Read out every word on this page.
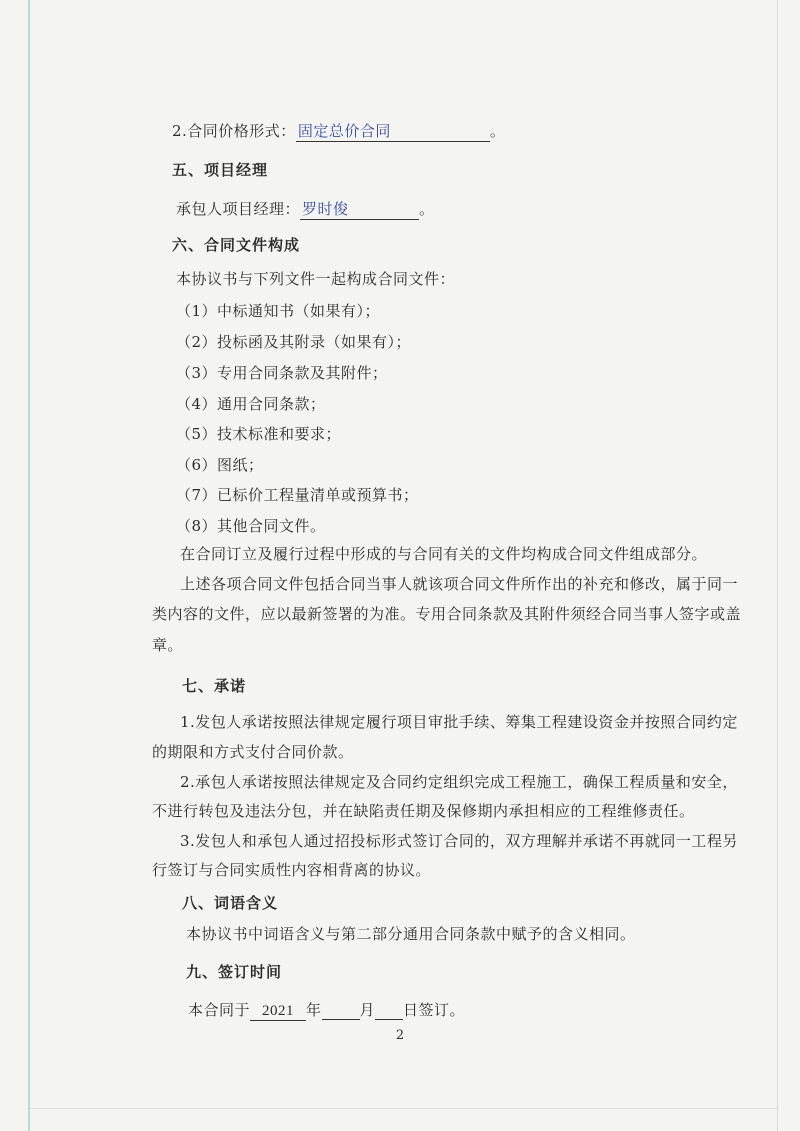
2.合同价格形式： 固定总价合同	。
五、项目经理
承包人项目经理： 罗时俊	。
六、合同文件构成
本协议书与下列文件一起构成合同文件：
（1）中标通知书（如果有）；
（2）投标函及其附录（如果有）；
（3）专用合同条款及其附件；
（4）通用合同条款；
（5）技术标准和要求；
（6）图纸；
（7）已标价工程量清单或预算书；
（8）其他合同文件。
在合同订立及履行过程中形成的与合同有关的文件均构成合同文件组成部分。
上述各项合同文件包括合同当事人就该项合同文件所作出的补充和修改，属于同一
类内容的文件，应以最新签署的为准。专用合同条款及其附件须经合同当事人签字或盖
章。
七、承诺
1.发包人承诺按照法律规定履行项目审批手续、筹集工程建设资金并按照合同约定
的期限和方式支付合同价款。
2.承包人承诺按照法律规定及合同约定组织完成工程施工，确保工程质量和安全，
不进行转包及违法分包，并在缺陷责任期及保修期内承担相应的工程维修责任。
3.发包人和承包人通过招投标形式签订合同的，双方理解并承诺不再就同一工程另
行签订与合同实质性内容相背离的协议。
八、词语含义
本协议书中词语含义与第二部分通用合同条款中赋予的含义相同。
九、签订时间
本合同于 2021 年	月 日签订。
2
